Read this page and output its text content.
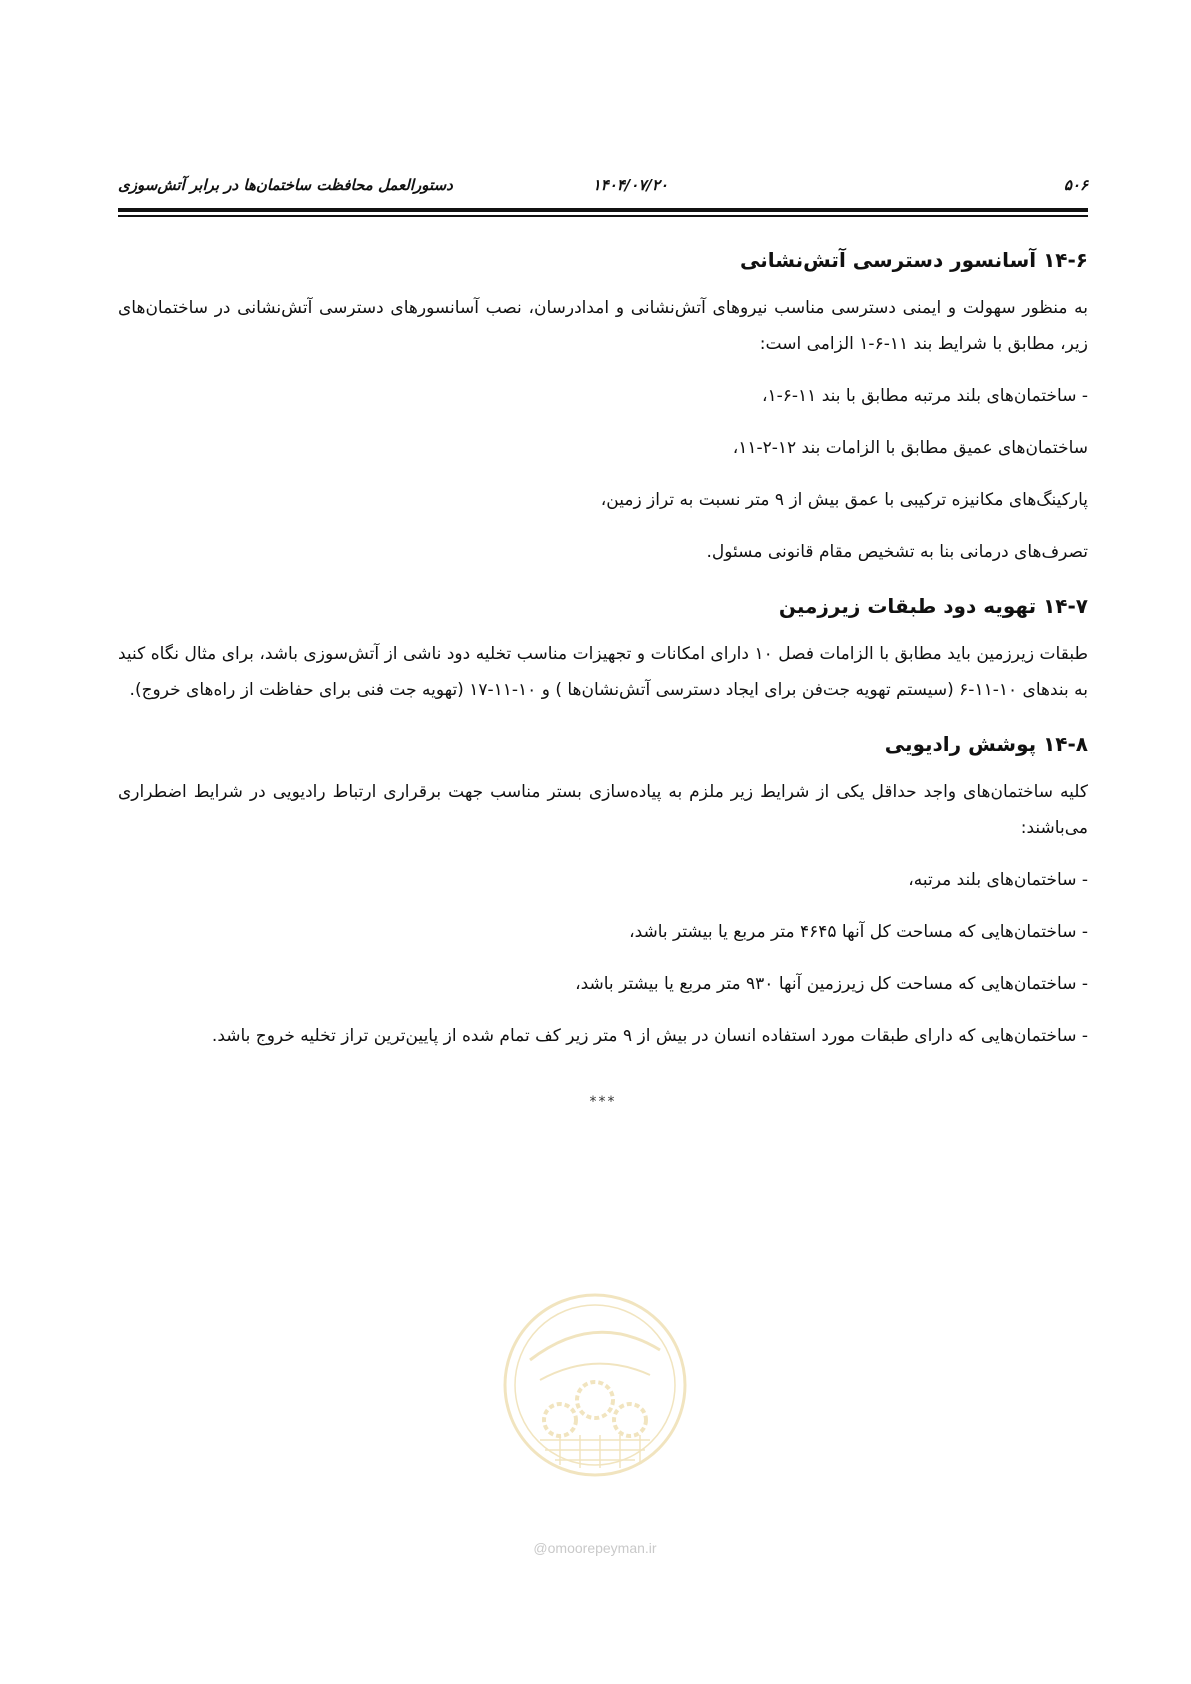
۵۰۶
۱۴۰۴/۰۷/۲۰
دستورالعمل محافظت ساختمان‌ها در برابر آتش‌سوزی
۱۴-۶ آسانسور دسترسی آتش‌نشانی

به منظور سهولت و ایمنی دسترسی مناسب نیروهای آتش‌نشانی و امدادرسان، نصب آسانسورهای دسترسی آتش‌نشانی در ساختمان‌های زیر، مطابق با شرایط بند ۱۱-۶-۱ الزامی است:

- ساختمان‌های بلند مرتبه مطابق با بند ۱۱-۶-۱،
ساختمان‌های عمیق مطابق با الزامات بند ۱۲-۲-۱۱،
پارکینگ‌های مکانیزه ترکیبی با عمق بیش از ۹ متر نسبت به تراز زمین،
تصرف‌های درمانی بنا به تشخیص مقام قانونی مسئول.
۱۴-۷ تهویه دود طبقات زیرزمین

طبقات زیرزمین باید مطابق با الزامات فصل ۱۰ دارای امکانات و تجهیزات مناسب تخلیه دود ناشی از آتش‌سوزی باشد، برای مثال نگاه کنید به بندهای ۱۰-۱۱-۶ (سیستم تهویه جت‌فن برای ایجاد دسترسی آتش‌نشان‌ها ) و ۱۰-۱۱-۱۷ (تهویه جت فنی برای حفاظت از راه‌های خروج).

۱۴-۸ پوشش رادیویی

کلیه ساختمان‌های واجد حداقل یکی از شرایط زیر ملزم به پیاده‌سازی بستر مناسب جهت برقراری ارتباط رادیویی در شرایط اضطراری می‌باشند:

- ساختمان‌های بلند مرتبه،
- ساختمان‌هایی که مساحت کل آنها ۴۶۴۵ متر مربع یا بیشتر باشد،
- ساختمان‌هایی که مساحت کل زیرزمین آنها ۹۳۰ متر مربع یا بیشتر باشد،
- ساختمان‌هایی که دارای طبقات مورد استفاده انسان در بیش از ۹ متر زیر کف تمام شده از پایین‌ترین تراز تخلیه خروج باشد.
***
@omoorepeyman.ir
